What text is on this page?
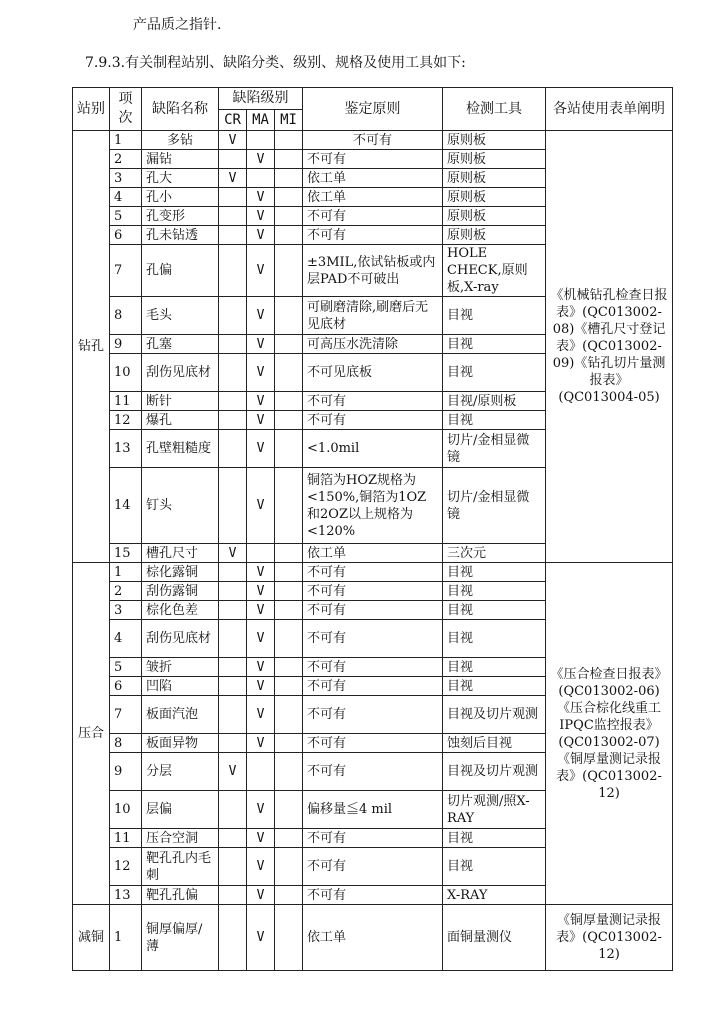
产品质之指针.
7.9.3.有关制程站别、缺陷分类、级别、规格及使用工具如下:
站别	项次	缺陷名称	缺陷级别			鉴定原则	检测工具	各站使用表单阐明
			CR	MA	MI			
钻孔	1	多钻	V			不可有	原则板	《机械钻孔检查日报表》(QC013002-08)《槽孔尺寸登记表》(QC013002-09)《钻孔切片量测报表》(QC013004-05)
	2	漏钻		V		不可有	原则板	
	3	孔大	V			依工单	原则板	
	4	孔小		V		依工单	原则板	
	5	孔变形		V		不可有	原则板	
	6	孔未钻透		V		不可有	原则板	
	7	孔偏		V		±3MIL,依试钻板或内层PAD不可破出	HOLE CHECK,原则板,X-ray	
	8	毛头		V		可刷磨清除,刷磨后无见底材	目视	
	9	孔塞		V		可高压水洗清除	目视	
	10	刮伤见底材		V		不可见底板	目视	
	11	断针		V		不可有	目视/原则板	
	12	爆孔		V		不可有	目视	
	13	孔壁粗糙度		V		<1.0mil	切片/金相显微镜	
	14	钉头		V		铜箔为HOZ规格为<150%,铜箔为1OZ和2OZ以上规格为<120%	切片/金相显微镜	
	15	槽孔尺寸	V			依工单	三次元	
压合	1	棕化露铜		V		不可有	目视	《压合检查日报表》(QC013002-06)《压合棕化线重工IPQC监控报表》(QC013002-07)《铜厚量测记录报表》(QC013002-12)
	2	刮伤露铜		V		不可有	目视	
	3	棕化色差		V		不可有	目视	
	4	刮伤见底材		V		不可有	目视	
	5	皱折		V		不可有	目视	
	6	凹陷		V		不可有	目视	
	7	板面汽泡		V		不可有	目视及切片观测	
	8	板面异物		V		不可有	蚀刻后目视	
	9	分层	V			不可有	目视及切片观测	
	10	层偏		V		偏移量≦4 mil	切片观测/照X-RAY	
	11	压合空洞		V		不可有	目视	
	12	靶孔孔内毛刺		V		不可有	目视	
	13	靶孔孔偏		V		不可有	X-RAY	
减铜	1	铜厚偏厚/薄		V		依工单	面铜量测仪	《铜厚量测记录报表》(QC013002-12)
